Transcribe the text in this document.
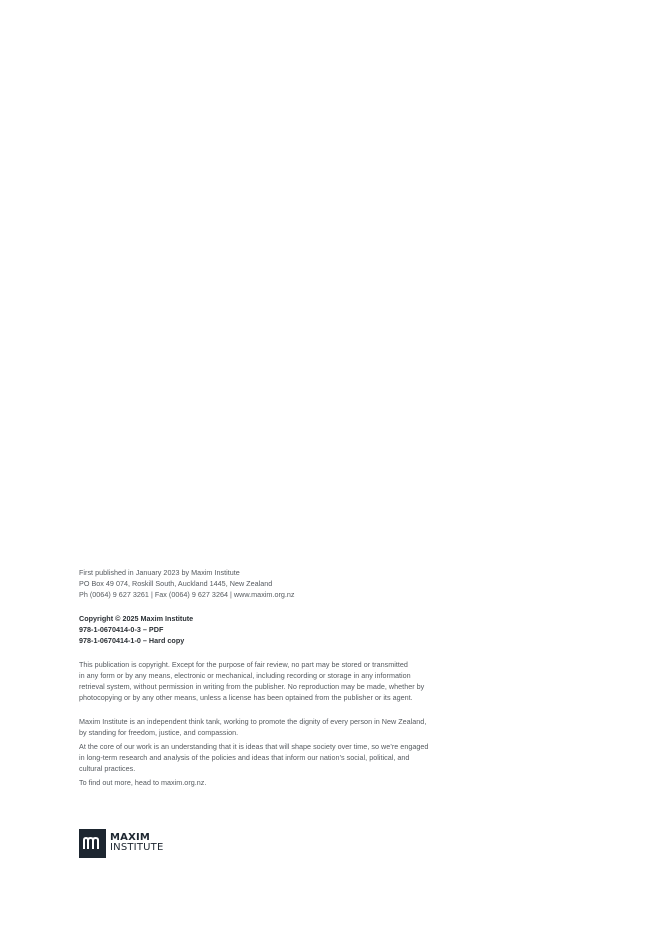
First published in January 2023 by Maxim Institute
PO Box 49 074, Roskill South, Auckland 1445, New Zealand
Ph (0064) 9 627 3261 | Fax (0064) 9 627 3264 | www.maxim.org.nz
Copyright © 2025 Maxim Institute
978-1-0670414-0-3 – PDF
978-1-0670414-1-0 – Hard copy
This publication is copyright. Except for the purpose of fair review, no part may be stored or transmitted
in any form or by any means, electronic or mechanical, including recording or storage in any information
retrieval system, without permission in writing from the publisher. No reproduction may be made, whether by
photocopying or by any other means, unless a license has been optained from the publisher or its agent.

Maxim Institute is an independent think tank, working to promote the dignity of every person in New Zealand,
by standing for freedom, justice, and compassion.

At the core of our work is an understanding that it is ideas that will shape society over time, so we’re engaged
in long-term research and analysis of the policies and ideas that inform our nation’s social, political, and
cultural practices.

To find out more, head to maxim.org.nz.

MAXIM
INSTITUTE
